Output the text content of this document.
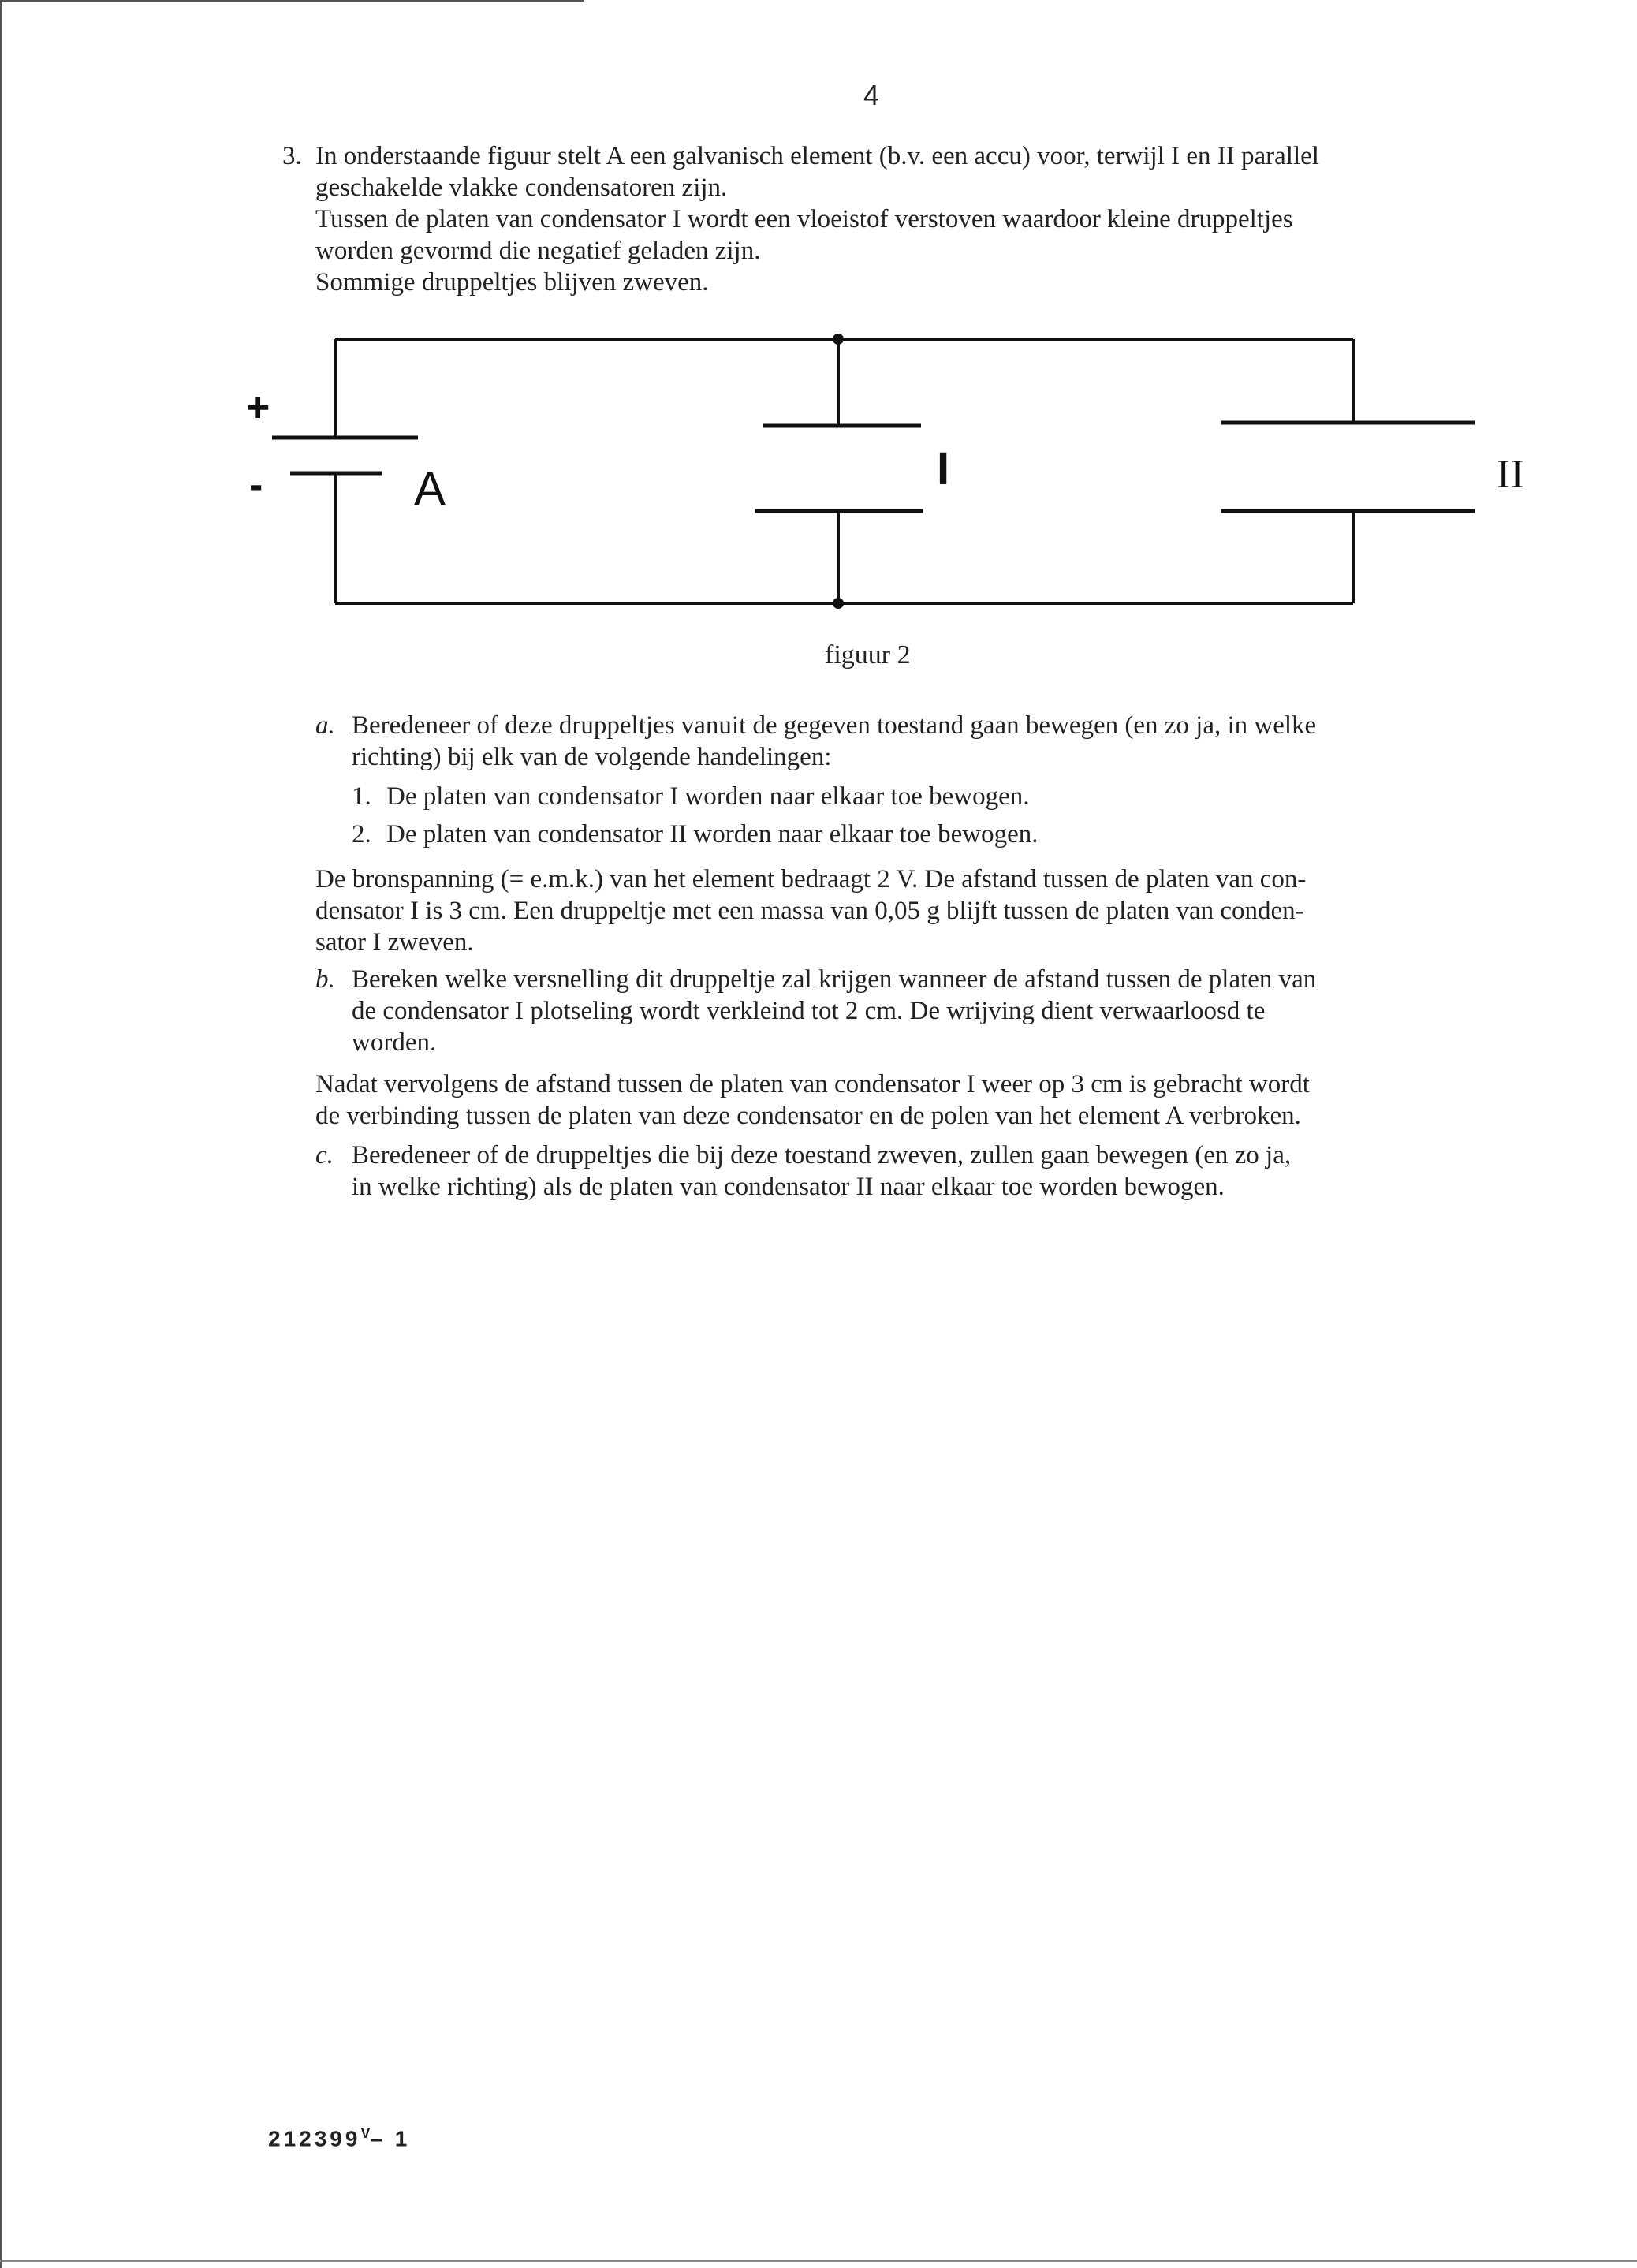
4
3. In onderstaande figuur stelt A een galvanisch element (b.v. een accu) voor, terwijl I en II parallel
geschakelde vlakke condensatoren zijn.
Tussen de platen van condensator I wordt een vloeistof verstoven waardoor kleine druppeltjes
worden gevormd die negatief geladen zijn.
Sommige druppeltjes blijven zweven.
+
-	A	I	II
figuur 2
a. Beredeneer of deze druppeltjes vanuit de gegeven toestand gaan bewegen (en zo ja, in welke
richting) bij elk van de volgende handelingen:
1. De platen van condensator I worden naar elkaar toe bewogen.
2. De platen van condensator II worden naar elkaar toe bewogen.
De bronspanning (= e.m.k.) van het element bedraagt 2 V. De afstand tussen de platen van con-
densator I is 3 cm. Een druppeltje met een massa van 0,05 g blijft tussen de platen van conden-
sator I zweven.
b. Bereken welke versnelling dit druppeltje zal krijgen wanneer de afstand tussen de platen van
de condensator I plotseling wordt verkleind tot 2 cm. De wrijving dient verwaarloosd te
worden.
Nadat vervolgens de afstand tussen de platen van condensator I weer op 3 cm is gebracht wordt
de verbinding tussen de platen van deze condensator en de polen van het element A verbroken.
c. Beredeneer of de druppeltjes die bij deze toestand zweven, zullen gaan bewegen (en zo ja,
in welke richting) als de platen van condensator II naar elkaar toe worden bewogen.
$212399^V-$ 1
